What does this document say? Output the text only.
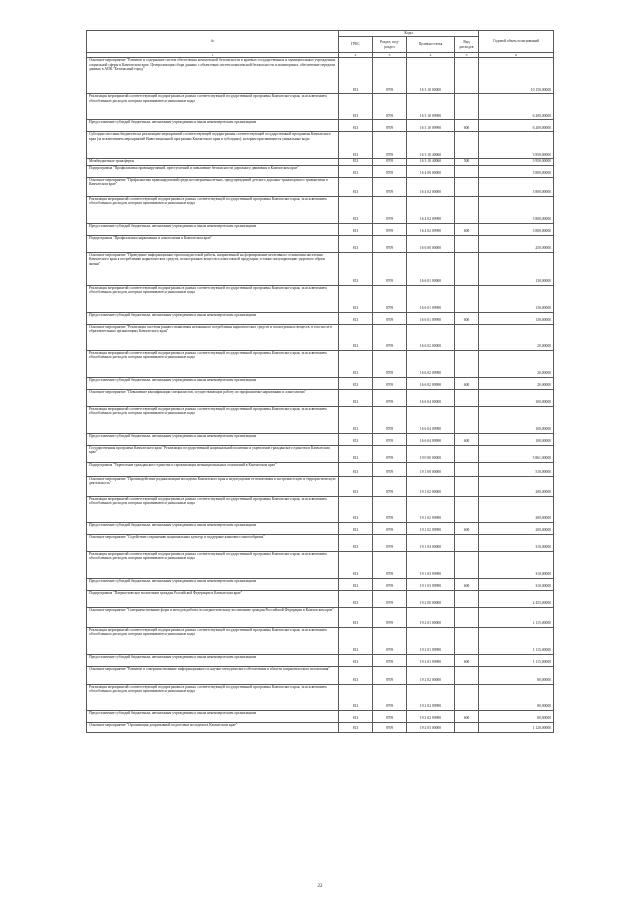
№	Коды				Годовой объем ассигнований
	ГРБС	Раздел, под-раздел	Целевая статья	Вид расходов	
1	2	3	4	5	6
Основное мероприятие "Развитие и содержание систем обеспечения комплексной безопасности в краевых государственных и муниципальных учреждениях социальной сферы в Камчатском крае. Централизация сбора данных с объектовых систем комплексной безопасности и мониторинга, обеспечение передачи данных в АПК "Безопасный город"	813	0709	16 3 10 00000		10 150,00000
Реализация мероприятий соответствующей подпрограммы в рамках соответствующей государственной программы Камчатского края, за исключением обособленных расходов, которым присваиваются уникальные коды	813	0709	16 3 10 09990		6 200,00000
Предоставление субсидий бюджетным, автономным учреждениям и иным некоммерческим организациям	813	0709	16 3 10 09990	600	6 200,00000
Субсидии местным бюджетам на реализацию мероприятий соответствующей подпрограммы соответствующей государственной программы Камчатского края (за исключением мероприятий Инвестиционной программы Камчатского края в субсидиях), которым присваиваются уникальные коды	813	0709	16 3 10 40060		3 950,00000
Межбюджетные трансферты	813	0709	16 3 10 40060	500	3 950,00000
Подпрограмма "Профилактика правонарушений, преступлений и повышение безопасности дорожного движения в Камчатском крае"	813	0709	16 4 00 00000		3 800,00000
Основное мероприятие "Профилактика правонарушений среди несовершеннолетних, предупреждений детского дорожно-транспортного травматизма в Камчатском крае"	813	0709	16 4 02 00000		3 800,00000
Реализация мероприятий соответствующей подпрограммы в рамках соответствующей государственной программы Камчатского края, за исключением обособленных расходов, которым присваиваются уникальные коды	813	0709	16 4 02 09990		3 800,00000
Предоставление субсидий бюджетным, автономным учреждениям и иным некоммерческим организациям	813	0709	16 4 02 09990	600	3 800,00000
Подпрограмма "Профилактика наркомании и алкоголизма в Камчатском крае"	813	0709	16 6 00 00000		250,00000
Основное мероприятие "Проведение информационно-пропагандистской работы, направленной на формирование негативного отношения населения Камчатского края к потреблению наркотических средств, психотропных веществ и алкогольной продукции, и также популяризацию здорового образа жизни"	813	0709	16 6 01 00000		130,00000
Реализация мероприятий соответствующей подпрограммы в рамках соответствующей государственной программы Камчатского края, за исключением обособленных расходов, которым присваиваются уникальные коды	813	0709	16 6 01 09990		130,00000
Предоставление субсидий бюджетным, автономным учреждениям и иным некоммерческим организациям	813	0709	16 6 01 09990	600	130,00000
Основное мероприятие "Реализация системы раннего выявления незаконного потребления наркотических средств и психотропных веществ, в том числе в образовательных организациях Камчатского края"	813	0709	16 6 02 00000		20,00000
Реализация мероприятий соответствующей подпрограммы в рамках соответствующей государственной программы Камчатского края, за исключением обособленных расходов, которым присваиваются уникальные коды	813	0709	16 6 02 09990		20,00000
Предоставление субсидий бюджетным, автономным учреждениям и иным некоммерческим организациям	813	0709	16 6 02 09990	600	20,00000
Основное мероприятие "Повышение квалификации специалистов, осуществляющих работу по профилактике наркомании и алкоголизма"	813	0709	16 6 04 00000		100,00000
Реализация мероприятий соответствующей подпрограммы в рамках соответствующей государственной программы Камчатского края, за исключением обособленных расходов, которым присваиваются уникальные коды	813	0709	16 6 04 09990		100,00000
Предоставление субсидий бюджетным, автономным учреждениям и иным некоммерческим организациям	813	0709	16 6 04 09990	600	100,00000
Государственная программа Камчатского края "Реализация государственной национальной политики и укрепление гражданского единства в Камчатском крае"	813	0709	19 0 00 00000		5 861,00000
Подпрограмма "Укрепление гражданского единства и гармонизация межнациональных отношений в Камчатском крае"	813	0709	19 1 00 00000		510,00000
Основное мероприятие "Противодействие радикализации молодежи Камчатского края и недопущение ее вовлечения в экстремистскую и террористическую деятельность"	813	0709	19 1 02 00000		200,00000
Реализация мероприятий соответствующей подпрограммы в рамках соответствующей государственной программы Камчатского края, за исключением обособленных расходов, которым присваиваются уникальные коды	813	0709	19 1 02 09990		200,00000
Предоставление субсидий бюджетным, автономным учреждениям и иным некоммерческим организациям	813	0709	19 1 02 09990	600	200,00000
Основное мероприятие "Содействие сохранению национальных культур и поддержке языкового многообразия"	813	0709	19 1 03 00000		310,00000
Реализация мероприятий соответствующей подпрограммы в рамках соответствующей государственной программы Камчатского края, за исключением обособленных расходов, которым присваиваются уникальные коды	813	0709	19 1 03 09990		310,00000
Предоставление субсидий бюджетным, автономным учреждениям и иным некоммерческим организациям	813	0709	19 1 03 09990	600	310,00000
Подпрограмма "Патриотическое воспитание граждан Российской Федерации в Камчатском крае"	813	0709	19 2 00 00000		2 455,00000
Основное мероприятие "Совершенствование форм и методов работы по патриотическому воспитанию граждан Российской Федерации в Камчатском крае"	813	0709	19 2 01 00000		1 115,00000
Реализация мероприятий соответствующей подпрограммы в рамках соответствующей государственной программы Камчатского края, за исключением обособленных расходов, которым присваиваются уникальные коды	813	0709	19 2 01 09990		1 115,00000
Предоставление субсидий бюджетным, автономным учреждениям и иным некоммерческим организациям	813	0709	19 2 01 09990	600	1 115,00000
Основное мероприятие "Развитие и совершенствование информационного и научно-методического обеспечения в области патриотического воспитания"	813	0709	19 2 02 00000		80,00000
Реализация мероприятий соответствующей подпрограммы в рамках соответствующей государственной программы Камчатского края, за исключением обособленных расходов, которым присваиваются уникальные коды	813	0709	19 2 02 09990		80,00000
Предоставление субсидий бюджетным, автономным учреждениям и иным некоммерческим организациям	813	0709	19 2 02 09990	600	80,00000
Основное мероприятие "Организация допризывной подготовки молодежи в Камчатском крае"	813	0709	19 2 03 00000		1 120,00000
22
